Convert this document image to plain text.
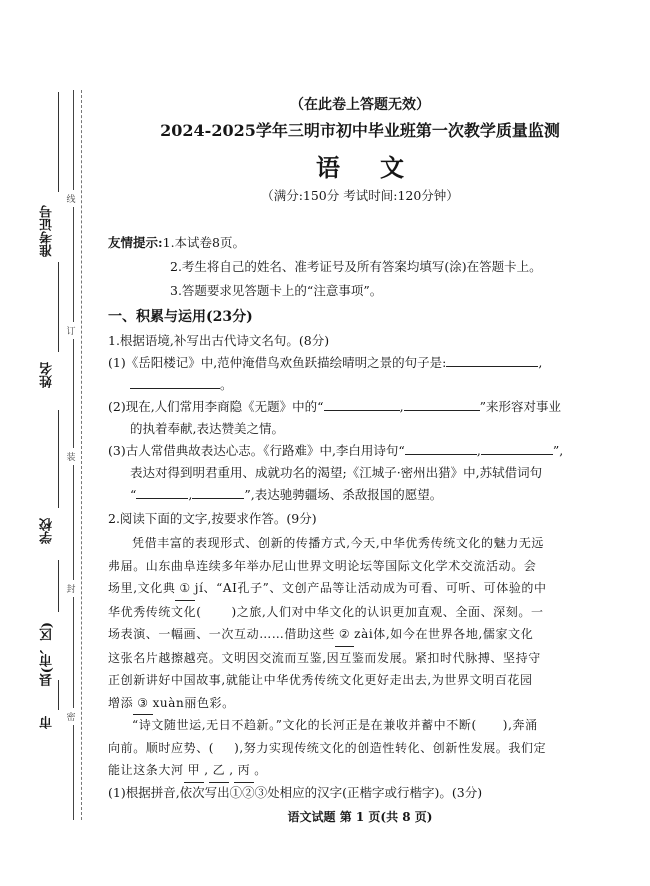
线
订
装
封
密
准考证号
姓名
学校
县(市、区)
市
（在此卷上答题无效）
2024-2025学年三明市初中毕业班第一次教学质量监测
语文
（满分:150分 考试时间:120分钟）
友情提示:1.本试卷8页。
2.考生将自己的姓名、准考证号及所有答案均填写(涂)在答题卡上。
3.答题要求见答题卡上的“注意事项”。
一、积累与运用(23分)
1.根据语境,补写出古代诗文名句。(8分)
(1)《岳阳楼记》中,范仲淹借鸟欢鱼跃描绘晴明之景的句子是:	,
。
(2)现在,人们常用李商隐《无题》中的“	,	”来形容对事业
的执着奉献,表达赞美之情。
(3)古人常借典故表达心志。《行路难》中,李白用诗句“	,	”,
表达对得到明君重用、成就功名的渴望;《江城子·密州出猎》中,苏轼借词句
“	,	”,表达驰骋疆场、杀敌报国的愿望。
2.阅读下面的文字,按要求作答。(9分)
凭借丰富的表现形式、创新的传播方式,今天,中华优秀传统文化的魅力无远
弗届。山东曲阜连续多年举办尼山世界文明论坛等国际文化学术交流活动。会
场里,文化典 ① jí、“AI孔子”、文创产品等让活动成为可看、可听、可体验的中
华优秀传统文化(	)之旅,人们对中华文化的认识更加直观、全面、深刻。一
场表演、一幅画、一次互动……借助这些 ② zài体,如今在世界各地,儒家文化
这张名片越擦越亮。文明因交流而互鉴,因互鉴而发展。紧扣时代脉搏、坚持守
正创新讲好中国故事,就能让中华优秀传统文化更好走出去,为世界文明百花园
增添 ③ xuàn丽色彩。
“诗文随世运,无日不趋新。”文化的长河正是在兼收并蓄中不断( ),奔涌
向前。顺时应势、( ),努力实现传统文化的创造性转化、创新性发展。我们定
能让这条大河 甲 , 乙 , 丙 。
(1)根据拼音,依次写出①②③处相应的汉字(正楷字或行楷字)。(3分)
语文试题 第 1 页(共 8 页)
